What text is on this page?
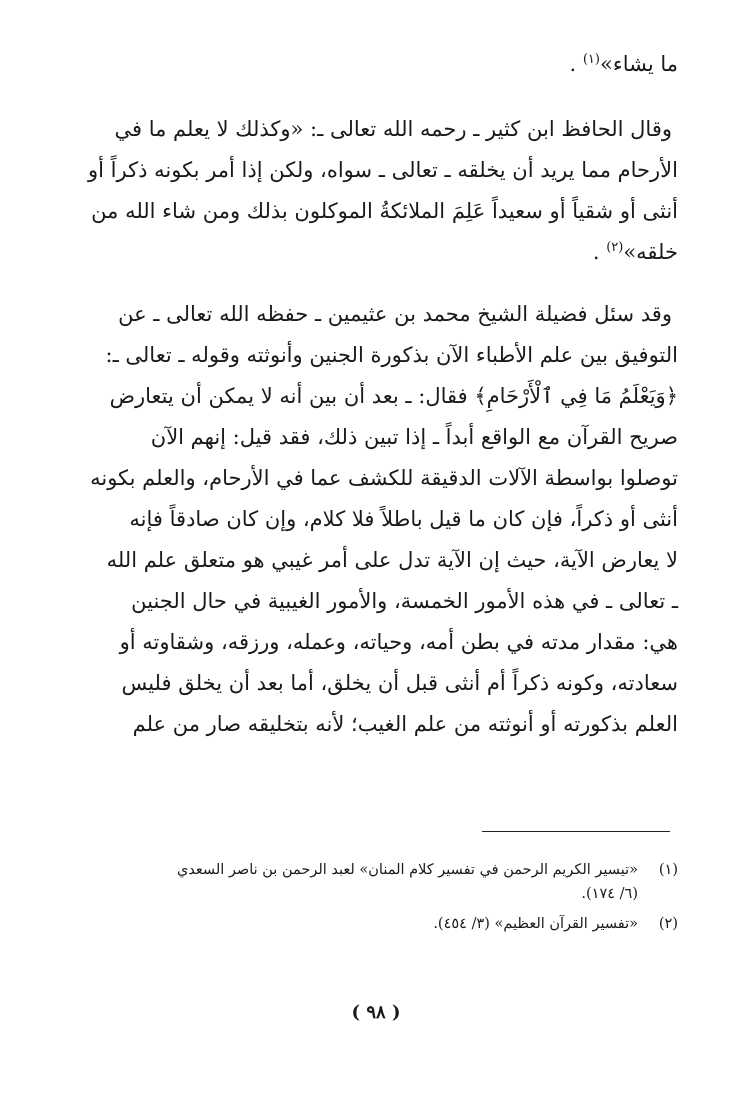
ما يشاء»$^{(١)}$ .
وقال الحافظ ابن كثير ـ رحمه الله تعالى ـ: «وكذلك لا يعلم ما في
الأرحام مما يريد أن يخلقه ـ تعالى ـ سواه، ولكن إذا أمر بكونه ذكراً أو
أنثى أو شقياً أو سعيداً عَلِمَ الملائكةُ الموكلون بذلك ومن شاء الله من
خلقه»$^{(٢)}$ .
وقد سئل فضيلة الشيخ محمد بن عثيمين ـ حفظه الله تعالى ـ عن
التوفيق بين علم الأطباء الآن بذكورة الجنين وأنوثته وقوله ـ تعالى ـ:
﴿وَيَعْلَمُ مَا فِي ٱلْأَرْحَامِ﴾ فقال: ـ بعد أن بين أنه لا يمكن أن يتعارض
صريح القرآن مع الواقع أبداً ـ إذا تبين ذلك، فقد قيل: إنهم الآن
توصلوا بواسطة الآلات الدقيقة للكشف عما في الأرحام، والعلم بكونه
أنثى أو ذكراً، فإن كان ما قيل باطلاً فلا كلام، وإن كان صادقاً فإنه
لا يعارض الآية، حيث إن الآية تدل على أمر غيبي هو متعلق علم الله
ـ تعالى ـ في هذه الأمور الخمسة، والأمور الغيبية في حال الجنين
هي: مقدار مدته في بطن أمه، وحياته، وعمله، ورزقه، وشقاوته أو
سعادته، وكونه ذكراً أم أنثى قبل أن يخلق، أما بعد أن يخلق فليس
العلم بذكورته أو أنوثته من علم الغيب؛ لأنه بتخليقه صار من علم
(١)«تيسير الكريم الرحمن في تفسير كلام المنان» لعبد الرحمن بن ناصر السعدي
(٦/ ١٧٤).
(٢)«تفسير القرآن العظيم» (٣/ ٤٥٤).
( ٩٨ )
